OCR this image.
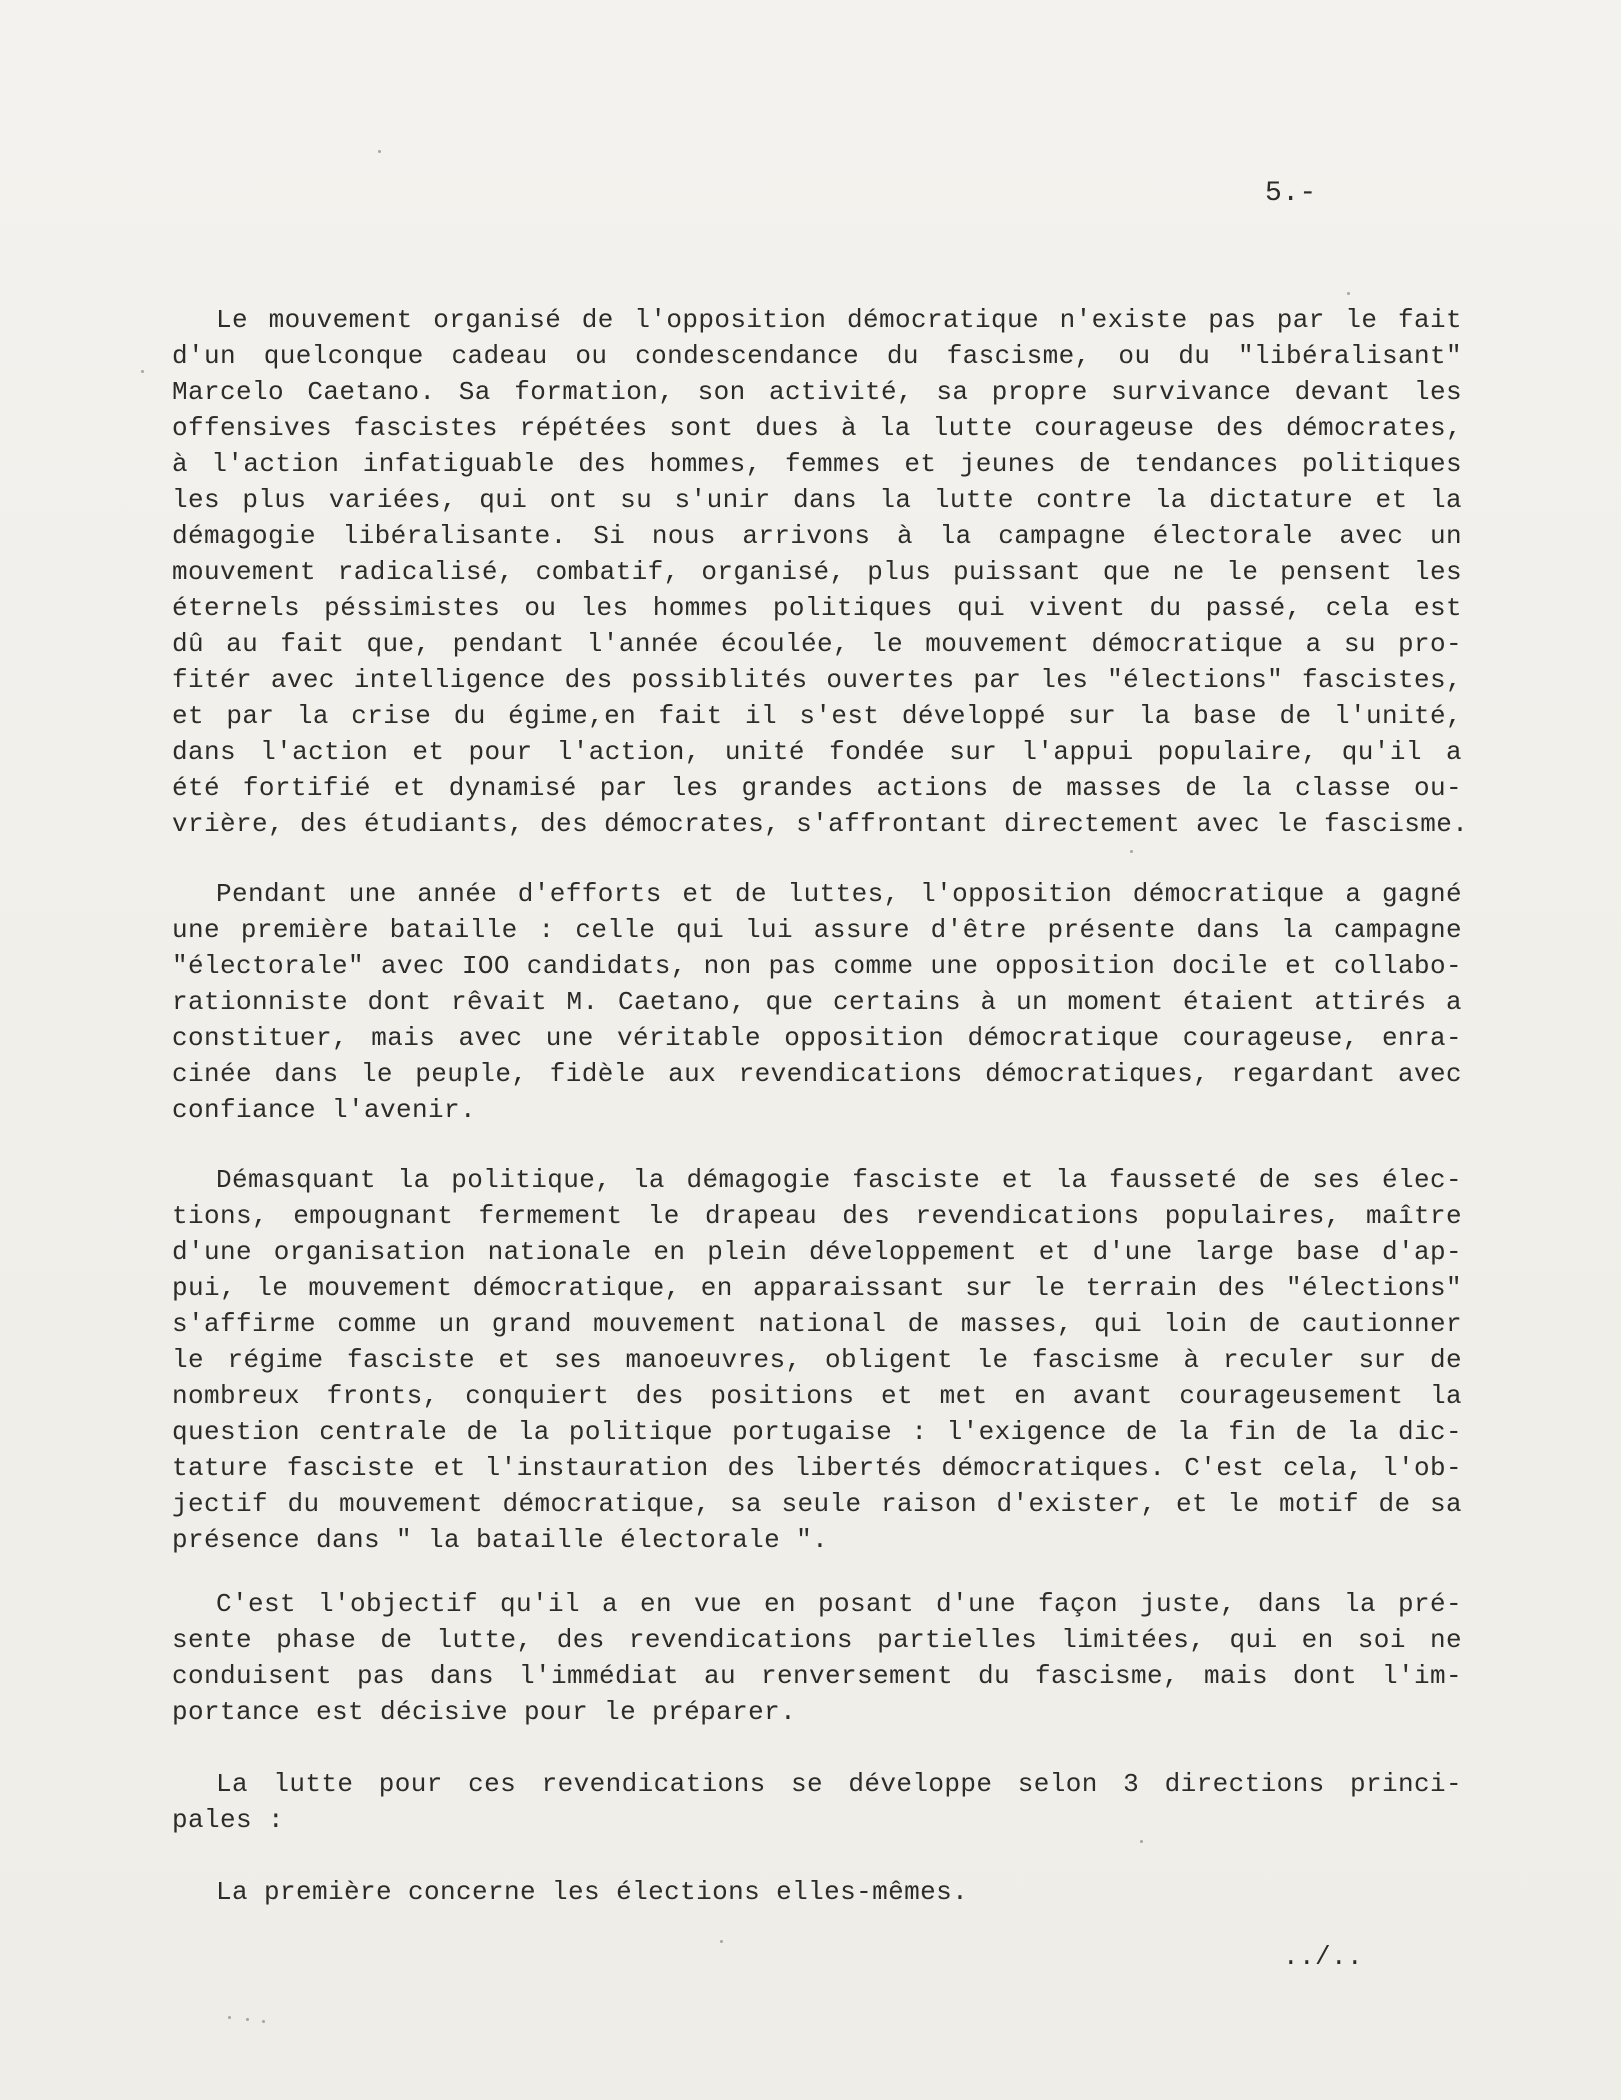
5.-
Le mouvement organisé de l'opposition démocratique n'existe pas par le fait
d'un quelconque cadeau ou condescendance du fascisme, ou du "libéralisant"
Marcelo Caetano. Sa formation, son activité, sa propre survivance devant les
offensives fascistes répétées sont dues à la lutte courageuse des démocrates,
à l'action infatiguable des hommes, femmes et jeunes de tendances politiques
les plus variées, qui ont su s'unir dans la lutte contre la dictature et la
démagogie libéralisante. Si nous arrivons à la campagne électorale avec un
mouvement radicalisé, combatif, organisé, plus puissant que ne le pensent les
éternels péssimistes ou les hommes politiques qui vivent du passé, cela est
dû au fait que, pendant l'année écoulée, le mouvement démocratique a su pro-
fitér avec intelligence des possiblités ouvertes par les "élections" fascistes,
et par la crise du égime,en fait il s'est développé sur la base de l'unité,
dans l'action et pour l'action, unité fondée sur l'appui populaire, qu'il a
été fortifié et dynamisé par les grandes actions de masses de la classe ou-
vrière, des étudiants, des démocrates, s'affrontant directement avec le fascisme.
Pendant une année d'efforts et de luttes, l'opposition démocratique a gagné
une première bataille : celle qui lui assure d'être présente dans la campagne
"électorale" avec IOO candidats, non pas comme une opposition docile et collabo-
rationniste dont rêvait M. Caetano, que certains à un moment étaient attirés a
constituer, mais avec une véritable opposition démocratique courageuse, enra-
cinée dans le peuple, fidèle aux revendications démocratiques, regardant avec
confiance l'avenir.
Démasquant la politique, la démagogie fasciste et la fausseté de ses élec-
tions, empougnant fermement le drapeau des revendications populaires, maître
d'une organisation nationale en plein développement et d'une large base d'ap-
pui, le mouvement démocratique, en apparaissant sur le terrain des "élections"
s'affirme comme un grand mouvement national de masses, qui loin de cautionner
le régime fasciste et ses manoeuvres, obligent le fascisme à reculer sur de
nombreux fronts, conquiert des positions et met en avant courageusement la
question centrale de la politique portugaise : l'exigence de la fin de la dic-
tature fasciste et l'instauration des libertés démocratiques. C'est cela, l'ob-
jectif du mouvement démocratique, sa seule raison d'exister, et le motif de sa
présence dans " la bataille électorale ".
C'est l'objectif qu'il a en vue en posant d'une façon juste, dans la pré-
sente phase de lutte, des revendications partielles limitées, qui en soi ne
conduisent pas dans l'immédiat au renversement du fascisme, mais dont l'im-
portance est décisive pour le préparer.
La lutte pour ces revendications se développe selon 3 directions princi-
pales :
La première concerne les élections elles-mêmes.
../..
